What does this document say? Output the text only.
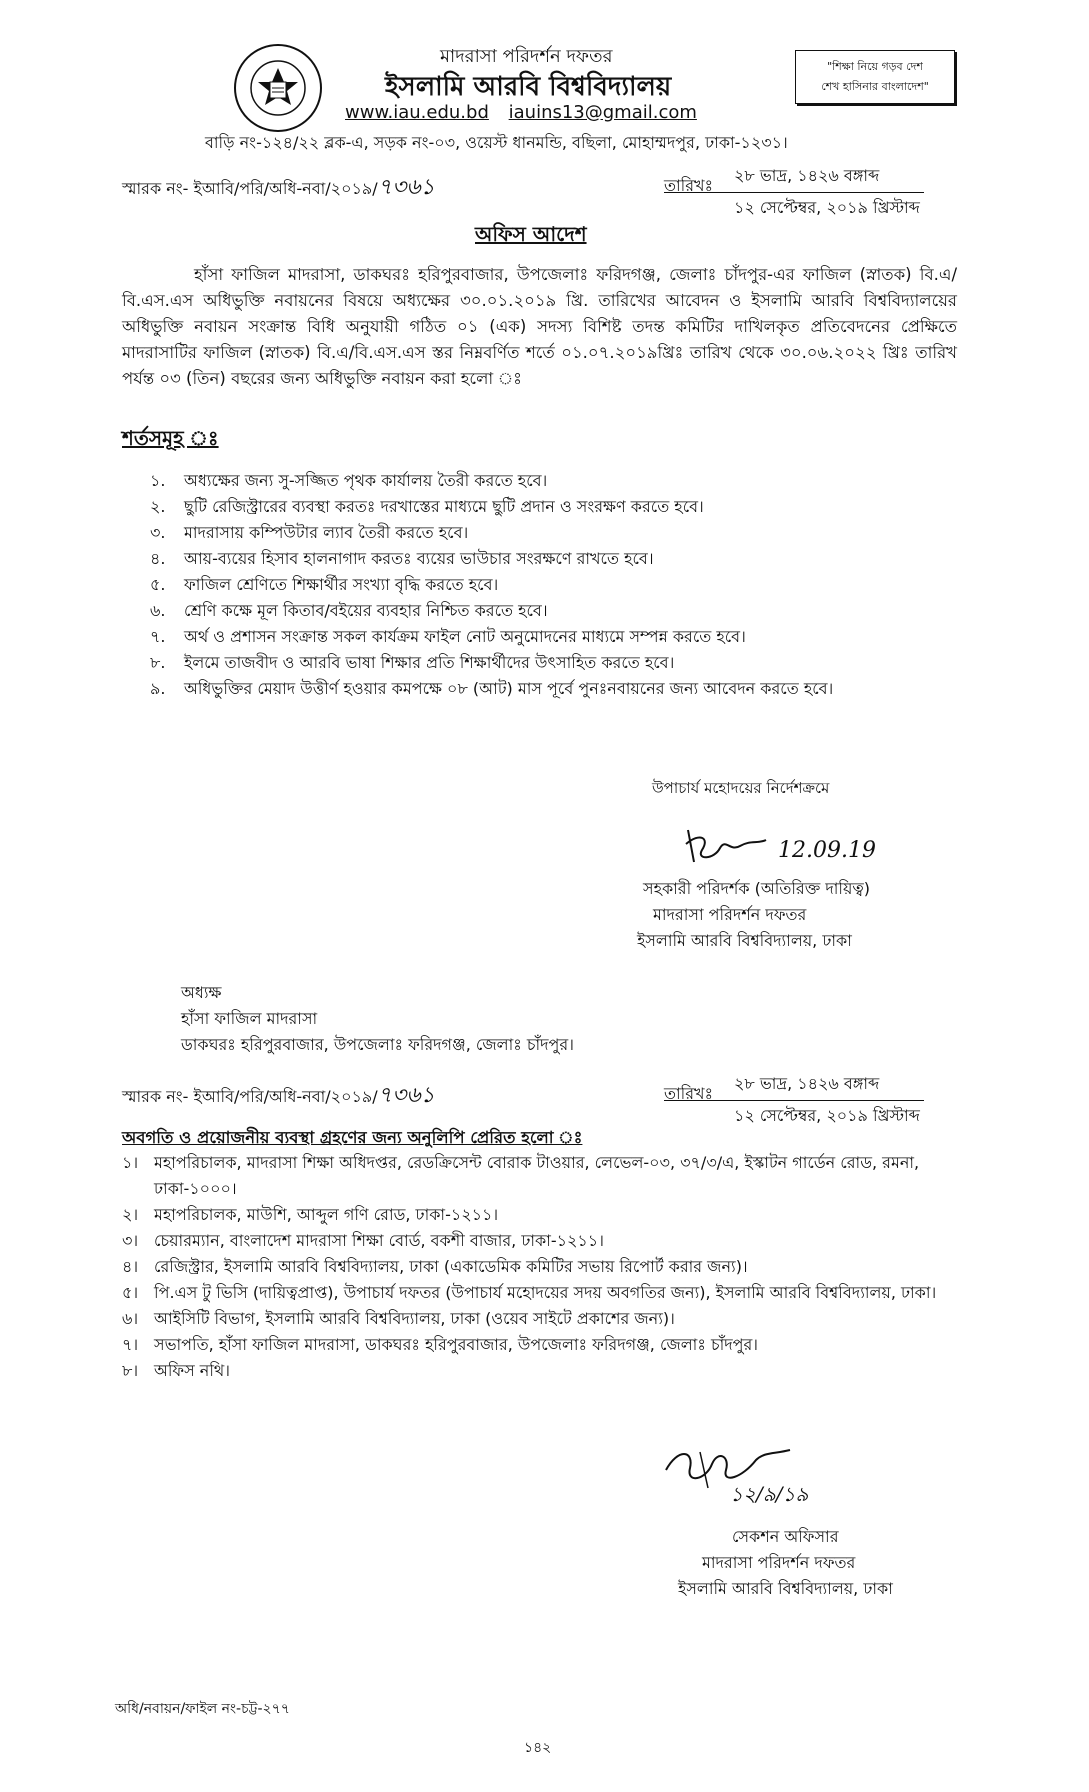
মাদরাসা পরিদর্শন দফতর
ইসলামি আরবি বিশ্ববিদ্যালয়
www.iau.edu.bd iauins13@gmail.com
বাড়ি নং-১২৪/২২ ব্লক-এ, সড়ক নং-০৩, ওয়েস্ট ধানমন্ডি, বছিলা, মোহাম্মদপুর, ঢাকা-১২৩১।
"শিক্ষা নিয়ে গড়ব দেশ
শেখ হাসিনার বাংলাদেশ"
স্মারক নং- ইআবি/পরি/অধি-নবা/২০১৯/৭৩৬১	তারিখঃ
২৮ ভাদ্র, ১৪২৬ বঙ্গাব্দ
১২ সেপ্টেম্বর, ২০১৯ খ্রিস্টাব্দ
অফিস আদেশ
হাঁসা ফাজিল মাদরাসা, ডাকঘরঃ হরিপুরবাজার, উপজেলাঃ ফরিদগঞ্জ, জেলাঃ চাঁদপুর-এর ফাজিল (স্নাতক) বি.এ/বি.এস.এস অধিভুক্তি নবায়নের বিষয়ে অধ্যক্ষের ৩০.০১.২০১৯ খ্রি. তারিখের আবেদন ও ইসলামি আরবি বিশ্ববিদ্যালয়ের অধিভুক্তি নবায়ন সংক্রান্ত বিধি অনুযায়ী গঠিত ০১ (এক) সদস্য বিশিষ্ট তদন্ত কমিটির দাখিলকৃত প্রতিবেদনের প্রেক্ষিতে মাদরাসাটির ফাজিল (স্নাতক) বি.এ/বি.এস.এস স্তর নিম্নবর্ণিত শর্তে ০১.০৭.২০১৯খ্রিঃ তারিখ থেকে ৩০.০৬.২০২২ খ্রিঃ তারিখ পর্যন্ত ০৩ (তিন) বছরের জন্য অধিভুক্তি নবায়ন করা হলো ঃ
শর্তসমূহ ঃ
১.	অধ্যক্ষের জন্য সু-সজ্জিত পৃথক কার্যালয় তৈরী করতে হবে।
২.	ছুটি রেজিস্ট্রারের ব্যবস্থা করতঃ দরখাস্তের মাধ্যমে ছুটি প্রদান ও সংরক্ষণ করতে হবে।
৩.	মাদরাসায় কম্পিউটার ল্যাব তৈরী করতে হবে।
৪.	আয়-ব্যয়ের হিসাব হালনাগাদ করতঃ ব্যয়ের ভাউচার সংরক্ষণে রাখতে হবে।
৫.	ফাজিল শ্রেণিতে শিক্ষার্থীর সংখ্যা বৃদ্ধি করতে হবে।
৬.	শ্রেণি কক্ষে মূল কিতাব/বইয়ের ব্যবহার নিশ্চিত করতে হবে।
৭.	অর্থ ও প্রশাসন সংক্রান্ত সকল কার্যক্রম ফাইল নোট অনুমোদনের মাধ্যমে সম্পন্ন করতে হবে।
৮.	ইলমে তাজবীদ ও আরবি ভাষা শিক্ষার প্রতি শিক্ষার্থীদের উৎসাহিত করতে হবে।
৯.	অধিভুক্তির মেয়াদ উত্তীর্ণ হওয়ার কমপক্ষে ০৮ (আট) মাস পূর্বে পুনঃনবায়নের জন্য আবেদন করতে হবে।
উপাচার্য মহোদয়ের নির্দেশক্রমে
12.09.19
সহকারী পরিদর্শক (অতিরিক্ত দায়িত্ব)
মাদরাসা পরিদর্শন দফতর
ইসলামি আরবি বিশ্ববিদ্যালয়, ঢাকা
অধ্যক্ষ
হাঁসা ফাজিল মাদরাসা
ডাকঘরঃ হরিপুরবাজার, উপজেলাঃ ফরিদগঞ্জ, জেলাঃ চাঁদপুর।
স্মারক নং- ইআবি/পরি/অধি-নবা/২০১৯/৭৩৬১	তারিখঃ
২৮ ভাদ্র, ১৪২৬ বঙ্গাব্দ
১২ সেপ্টেম্বর, ২০১৯ খ্রিস্টাব্দ
অবগতি ও প্রয়োজনীয় ব্যবস্থা গ্রহণের জন্য অনুলিপি প্রেরিত হলো ঃ
১। মহাপরিচালক, মাদরাসা শিক্ষা অধিদপ্তর, রেডক্রিসেন্ট বোরাক টাওয়ার, লেভেল-০৩, ৩৭/৩/এ, ইস্কাটন গার্ডেন রোড, রমনা, ঢাকা-১০০০।
২। মহাপরিচালক, মাউশি, আব্দুল গণি রোড, ঢাকা-১২১১।
৩। চেয়ারম্যান, বাংলাদেশ মাদরাসা শিক্ষা বোর্ড, বকশী বাজার, ঢাকা-১২১১।
৪। রেজিস্ট্রার, ইসলামি আরবি বিশ্ববিদ্যালয়, ঢাকা (একাডেমিক কমিটির সভায় রিপোর্ট করার জন্য)।
৫। পি.এস টু ভিসি (দায়িত্বপ্রাপ্ত), উপাচার্য দফতর (উপাচার্য মহোদয়ের সদয় অবগতির জন্য), ইসলামি আরবি বিশ্ববিদ্যালয়, ঢাকা।
৬। আইসিটি বিভাগ, ইসলামি আরবি বিশ্ববিদ্যালয়, ঢাকা (ওয়েব সাইটে প্রকাশের জন্য)।
৭। সভাপতি, হাঁসা ফাজিল মাদরাসা, ডাকঘরঃ হরিপুরবাজার, উপজেলাঃ ফরিদগঞ্জ, জেলাঃ চাঁদপুর।
৮। অফিস নথি।
১২/৯/১৯
সেকশন অফিসার
মাদরাসা পরিদর্শন দফতর
ইসলামি আরবি বিশ্ববিদ্যালয়, ঢাকা
অধি/নবায়ন/ফাইল নং-চট্ট-২৭৭
১৪২
